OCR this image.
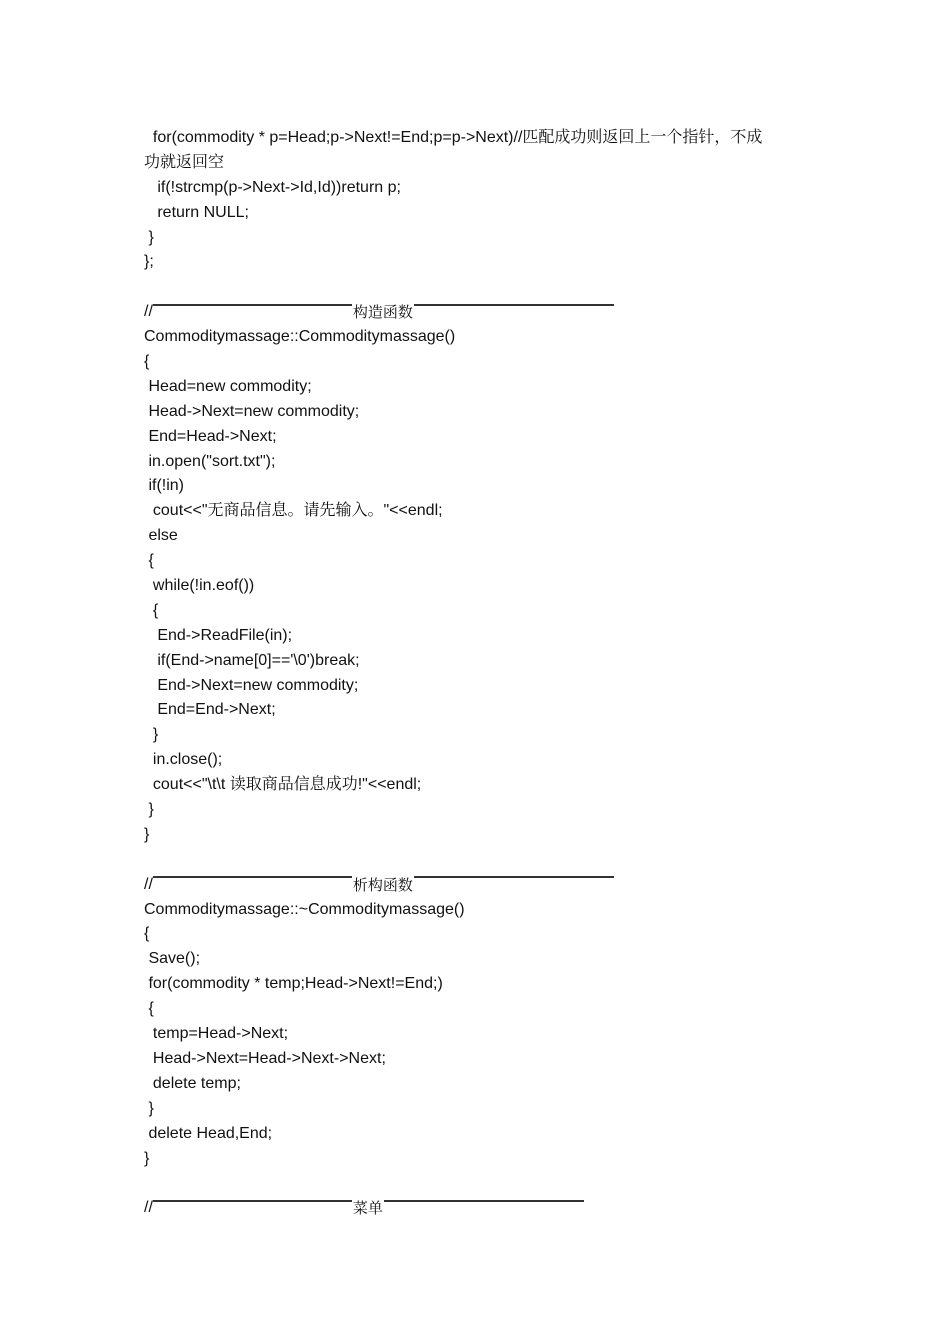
for(commodity * p=Head;p->Next!=End;p=p->Next)//匹配成功则返回上一个指针，不成
功就返回空
if(!strcmp(p->Next->Id,Id))return p;
return NULL;
}
};
//	构造函数
Commoditymassage::Commoditymassage()
{
Head=new commodity;
Head->Next=new commodity;
End=Head->Next;
in.open("sort.txt");
if(!in)
cout<<"无商品信息。请先输入。"<<endl;
else
{
while(!in.eof())
{
End->ReadFile(in);
if(End->name[0]=='\0')break;
End->Next=new commodity;
End=End->Next;
}
in.close();
cout<<"\t\t 读取商品信息成功!"<<endl;
}
}
//	析构函数
Commoditymassage::~Commoditymassage()
{
Save();
for(commodity * temp;Head->Next!=End;)
{
temp=Head->Next;
Head->Next=Head->Next->Next;
delete temp;
}
delete Head,End;
}
//	菜单
